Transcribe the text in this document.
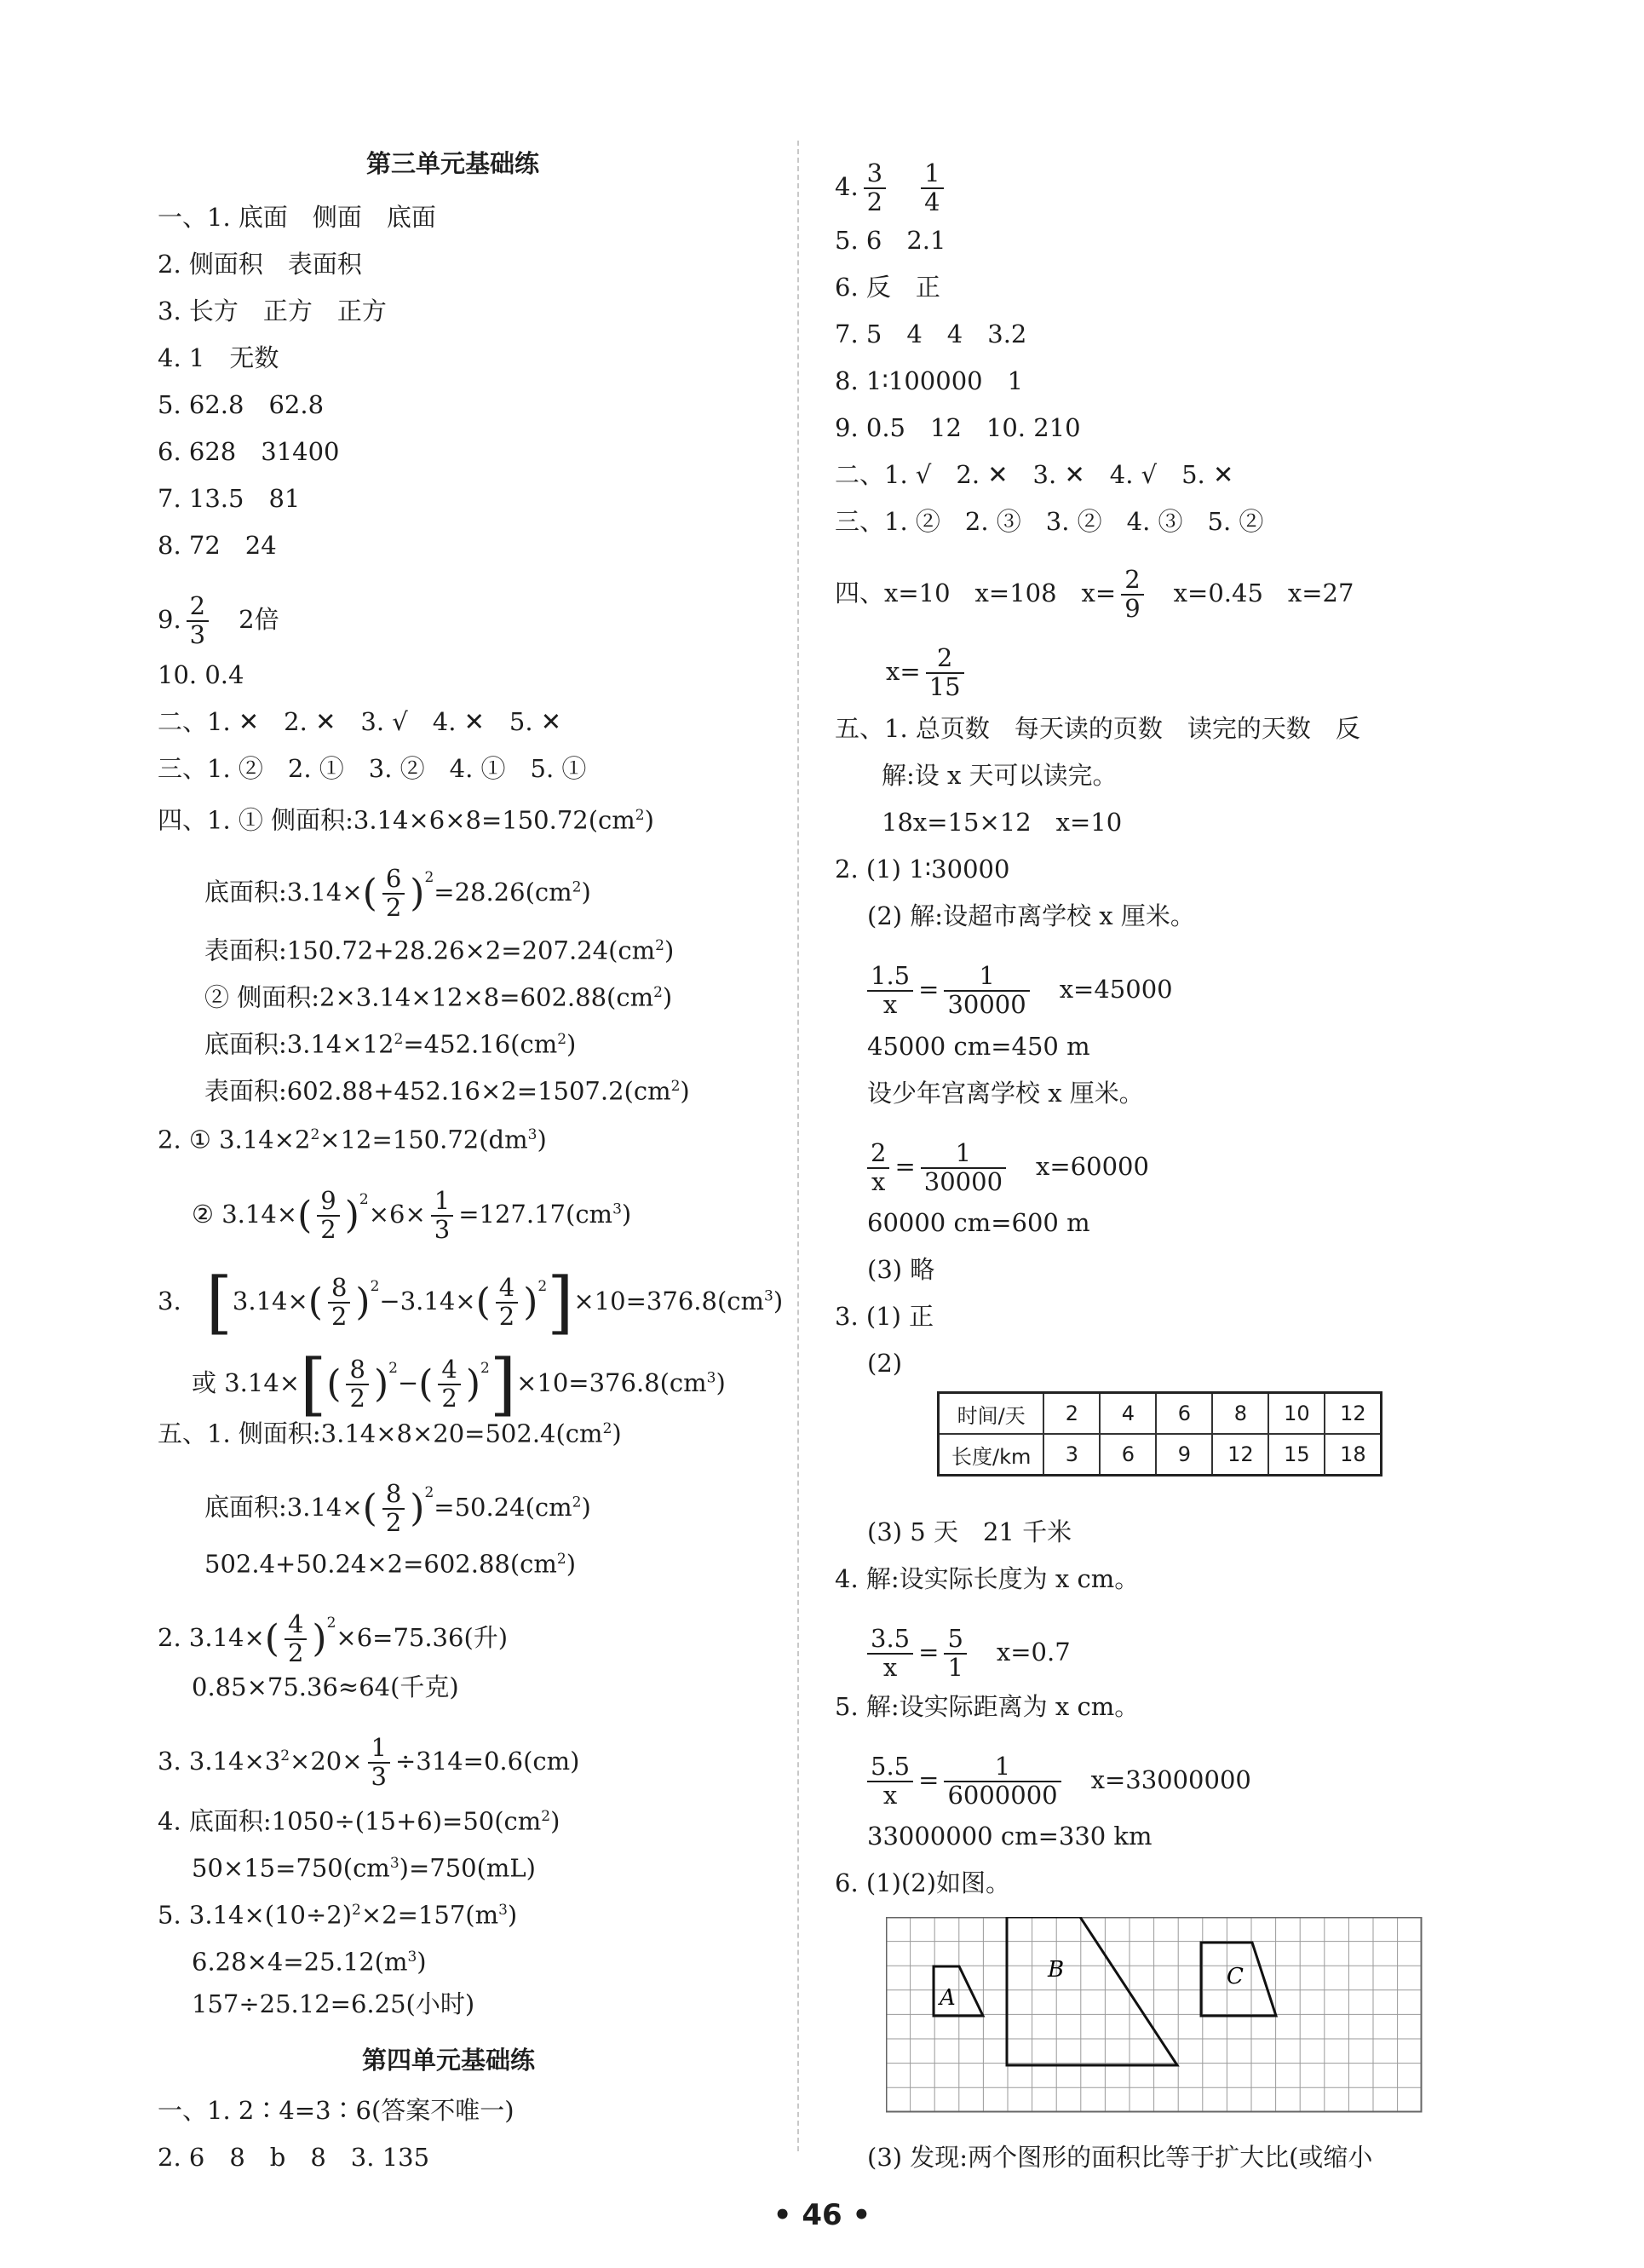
第三单元基础练
一、1. 底面　侧面　底面
2. 侧面积　表面积
3. 长方　正方　正方
4. 1　无数
5. 62.8　62.8
6. 628　31400
7. 13.5　81
8. 72　24
9. $\frac{2}{3}$
　 2倍
10. 0.4
二、1. ✕　2. ✕　3. √　4. ✕　5. ✕
三、1. ②　2. ①　3. ②　4. ①　5. ①
四、1. ① 侧面积$:3.14\times 6\times 8=150.72(cm^2)$
底面积:3.14×( $\frac{6}{2} )^2=28.26(cm^2)$
表面积$:150.72+28.26\times 2=207.24(cm^2)$
② 侧面积$:2\times 3.14\times 12\times 8=602.88(cm^2)$
底面积$:3.14\times 12^2=452.16(cm^2)$
表面积$:602.88+452.16\times 2=1507.2(cm^2)$
2. ① $3.14\times 2^2\times 12=150.72(dm^3)$
② $3.14\times( \frac{9}{2} )^2\times 6\times \frac{1}{3} =127.17(cm^3)$
3.　 $[3.14\times( \frac{8}{2} )^2-3.14\times( \frac{4}{2} )^2]\times 10=376.8(cm^3)$
或 $3.14\times[( \frac{8}{2} )^2-( \frac{4}{2} )^2]\times 10=376.8(cm^3)$
五、1. 侧面积$:3.14\times 8\times 20=502.4(cm^2)$
底面积:3.14×( $\frac{8}{2} )^2=50.24(cm^2)$
$502.4+50.24\times 2=602.88(cm^2)$
2. $3.14\times( \frac{4}{2} )^2\times 6=75.36$(升)
0.85×75.36≈64(千克)
3. $3.14\times 3^2\times 20\times \frac{1}{3} \div 314=0.6(cm)$
4. 底面积$:1050\div(15+6)=50(cm^2)$
$50\times 15=750(cm^3)=750(mL)$
5. $3.14\times(10\div 2)^2\times 2=157(m^3)$
$6.28\times 4=25.12(m^3)$
157÷25.12=6.25(小时)
第四单元基础练
一、1. 2∶4=3∶6(答案不唯一)
2. 6　8　b　8　3. 135
4. $\frac{3}{2}$
　 $\frac{1}{4}$
5. 6　2.1
6. 反　正
7. 5　4　4　3.2
8. 1∶100000　1
9. 0.5　12　10. 210
二、1. √　2. ✕　3. ✕　4. √　5. ✕
三、1. ②　2. ③　3. ②　4. ③　5. ②
四、x=10　x=108　$x= \frac{2}{9}$ 　x=0.45　x=27
$x= \frac{2}{15}$
五、1. 总页数　每天读的页数　读完的天数　反
解:设 x 天可以读完。
18x=15×12　x=10
2. (1) 1∶30000
(2) 解:设超市离学校 x 厘米。
$\frac{1.5}{x} = \frac{1}{30000}$ 　x=45000
45000 cm=450 m
设少年宫离学校 x 厘米。
$\frac{2}{x} = \frac{1}{30000}$ 　x=60000
60000 cm=600 m
(3) 略
3. (1) 正
(2)
时间/天	2	4	6	8	10	12
长度/km	3	6	9	12	15	18
(3) 5 天　21 千米
4. 解:设实际长度为 x cm。
$\frac{3.5}{x} = \frac{5}{1}$ 　x=0.7
5. 解:设实际距离为 x cm。
$\frac{5.5}{x} = \frac{1}{6000000}$ 　x=33000000
33000000 cm=330 km
6. (1)(2)如图。
A
B	C
(3) 发现:两个图形的面积比等于扩大比(或缩小
• 46 •
